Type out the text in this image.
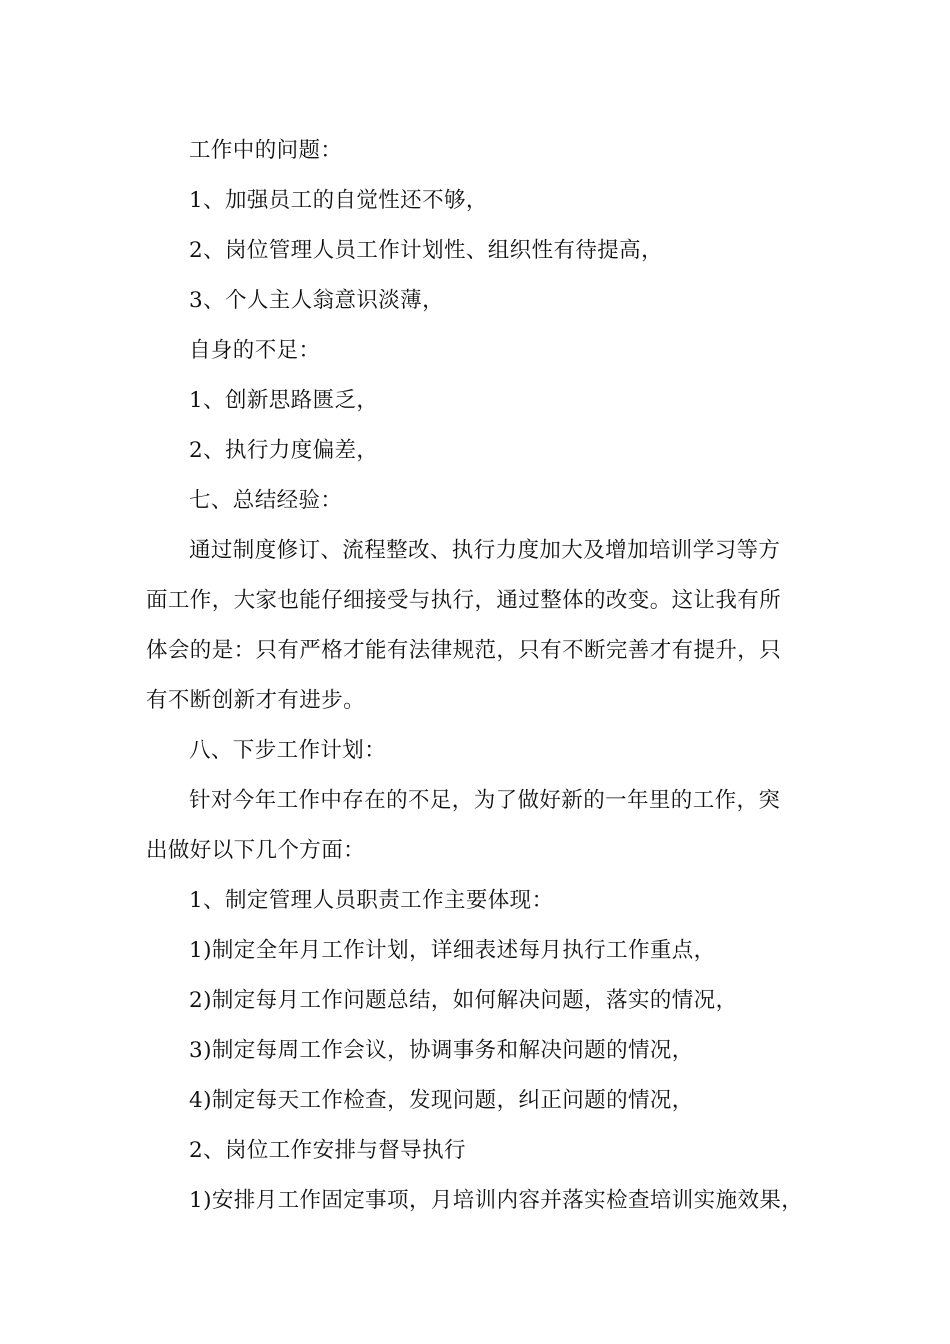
工作中的问题：
1、加强员工的自觉性还不够，
2、岗位管理人员工作计划性、组织性有待提高，
3、个人主人翁意识淡薄，
自身的不足：
1、创新思路匮乏，
2、执行力度偏差，
七、总结经验：
通过制度修订、流程整改、执行力度加大及增加培训学习等方
面工作，大家也能仔细接受与执行，通过整体的改变。这让我有所
体会的是：只有严格才能有法律规范，只有不断完善才有提升，只
有不断创新才有进步。
八、下步工作计划：
针对今年工作中存在的不足，为了做好新的一年里的工作，突
出做好以下几个方面：
1、制定管理人员职责工作主要体现：
1)制定全年月工作计划，详细表述每月执行工作重点，
2)制定每月工作问题总结，如何解决问题，落实的情况，
3)制定每周工作会议，协调事务和解决问题的情况，
4)制定每天工作检查，发现问题，纠正问题的情况，
2、岗位工作安排与督导执行
1)安排月工作固定事项，月培训内容并落实检查培训实施效果，
